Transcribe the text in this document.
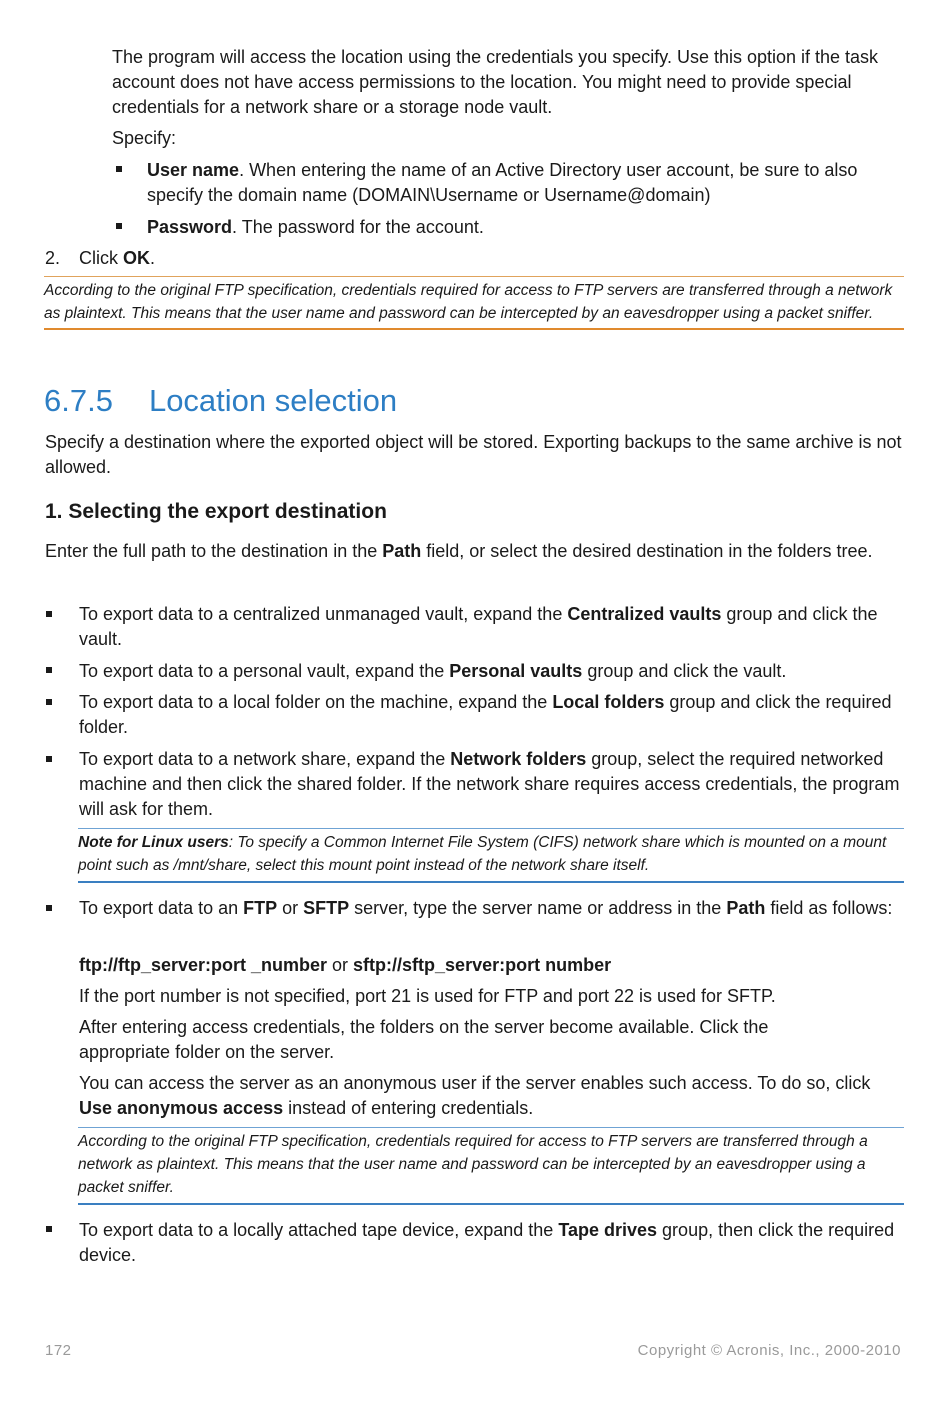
The program will access the location using the credentials you specify. Use this option if the task account does not have access permissions to the location. You might need to provide special credentials for a network share or a storage node vault.

Specify:

User name. When entering the name of an Active Directory user account, be sure to also specify the domain name (DOMAIN\Username or Username@domain)

Password. The password for the account.

2. Click OK.

According to the original FTP specification, credentials required for access to FTP servers are transferred through a network as plaintext. This means that the user name and password can be intercepted by an eavesdropper using a packet sniffer.
6.7.5 Location selection

Specify a destination where the exported object will be stored. Exporting backups to the same archive is not allowed.

1. Selecting the export destination

Enter the full path to the destination in the Path field, or select the desired destination in the folders tree.

To export data to a centralized unmanaged vault, expand the Centralized vaults group and click the vault.

To export data to a personal vault, expand the Personal vaults group and click the vault.

To export data to a local folder on the machine, expand the Local folders group and click the required folder.

To export data to a network share, expand the Network folders group, select the required networked machine and then click the shared folder. If the network share requires access credentials, the program will ask for them.

Note for Linux users: To specify a Common Internet File System (CIFS) network share which is mounted on a mount point such as /mnt/share, select this mount point instead of the network share itself.

To export data to an FTP or SFTP server, type the server name or address in the Path field as follows:

ftp://ftp_server:port _number or sftp://sftp_server:port number

If the port number is not specified, port 21 is used for FTP and port 22 is used for SFTP.

After entering access credentials, the folders on the server become available. Click the appropriate folder on the server.

You can access the server as an anonymous user if the server enables such access. To do so, click Use anonymous access instead of entering credentials.

According to the original FTP specification, credentials required for access to FTP servers are transferred through a network as plaintext. This means that the user name and password can be intercepted by an eavesdropper using a packet sniffer.

To export data to a locally attached tape device, expand the Tape drives group, then click the required device.

172	Copyright © Acronis, Inc., 2000-2010
